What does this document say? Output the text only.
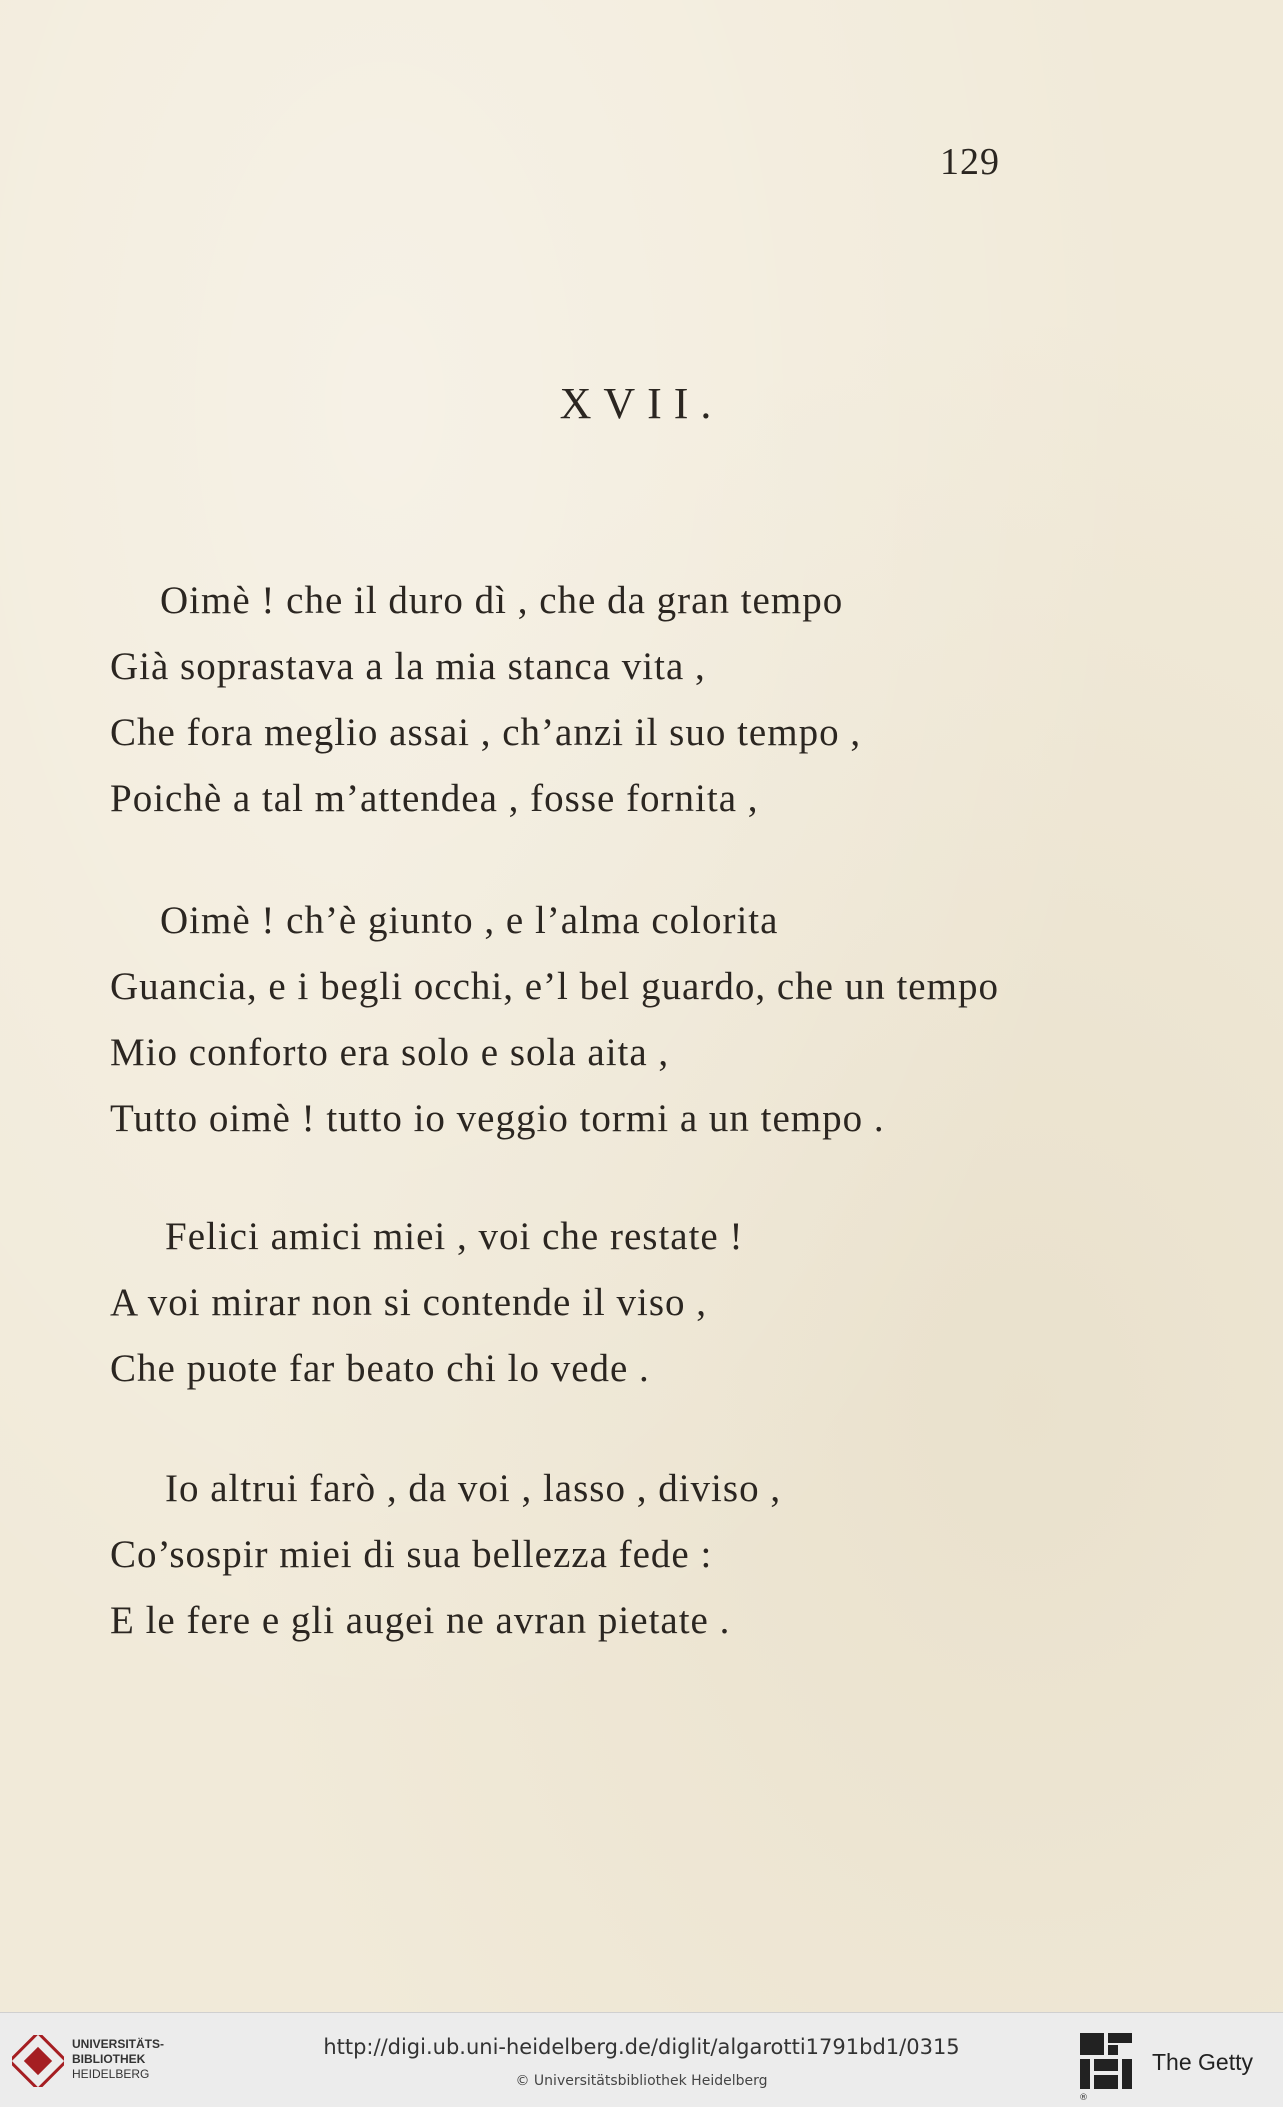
129
XVII.
Oimè ! che il duro dì , che da gran tempo
Già soprastava a la mia stanca vita ,
Che fora meglio assai , ch’anzi il suo tempo ,
Poichè a tal m’attendea , fosse fornita ,
Oimè ! ch’è giunto , e l’alma colorita
Guancia, e i begli occhi, e’l bel guardo, che un tempo
Mio conforto era solo e sola aita ,
Tutto oimè ! tutto io veggio tormi a un tempo .
Felici amici miei , voi che restate !
A voi mirar non si contende il viso ,
Che puote far beato chi lo vede .
Io altrui farò , da voi , lasso , diviso ,
Co’sospir miei di sua bellezza fede :
E le fere e gli augei ne avran pietate .
UNIVERSITÄTS-
BIBLIOTHEK
HEIDELBERG
http://digi.ub.uni-heidelberg.de/diglit/algarotti1791bd1/0315
© Universitätsbibliothek Heidelberg
®
The Getty
